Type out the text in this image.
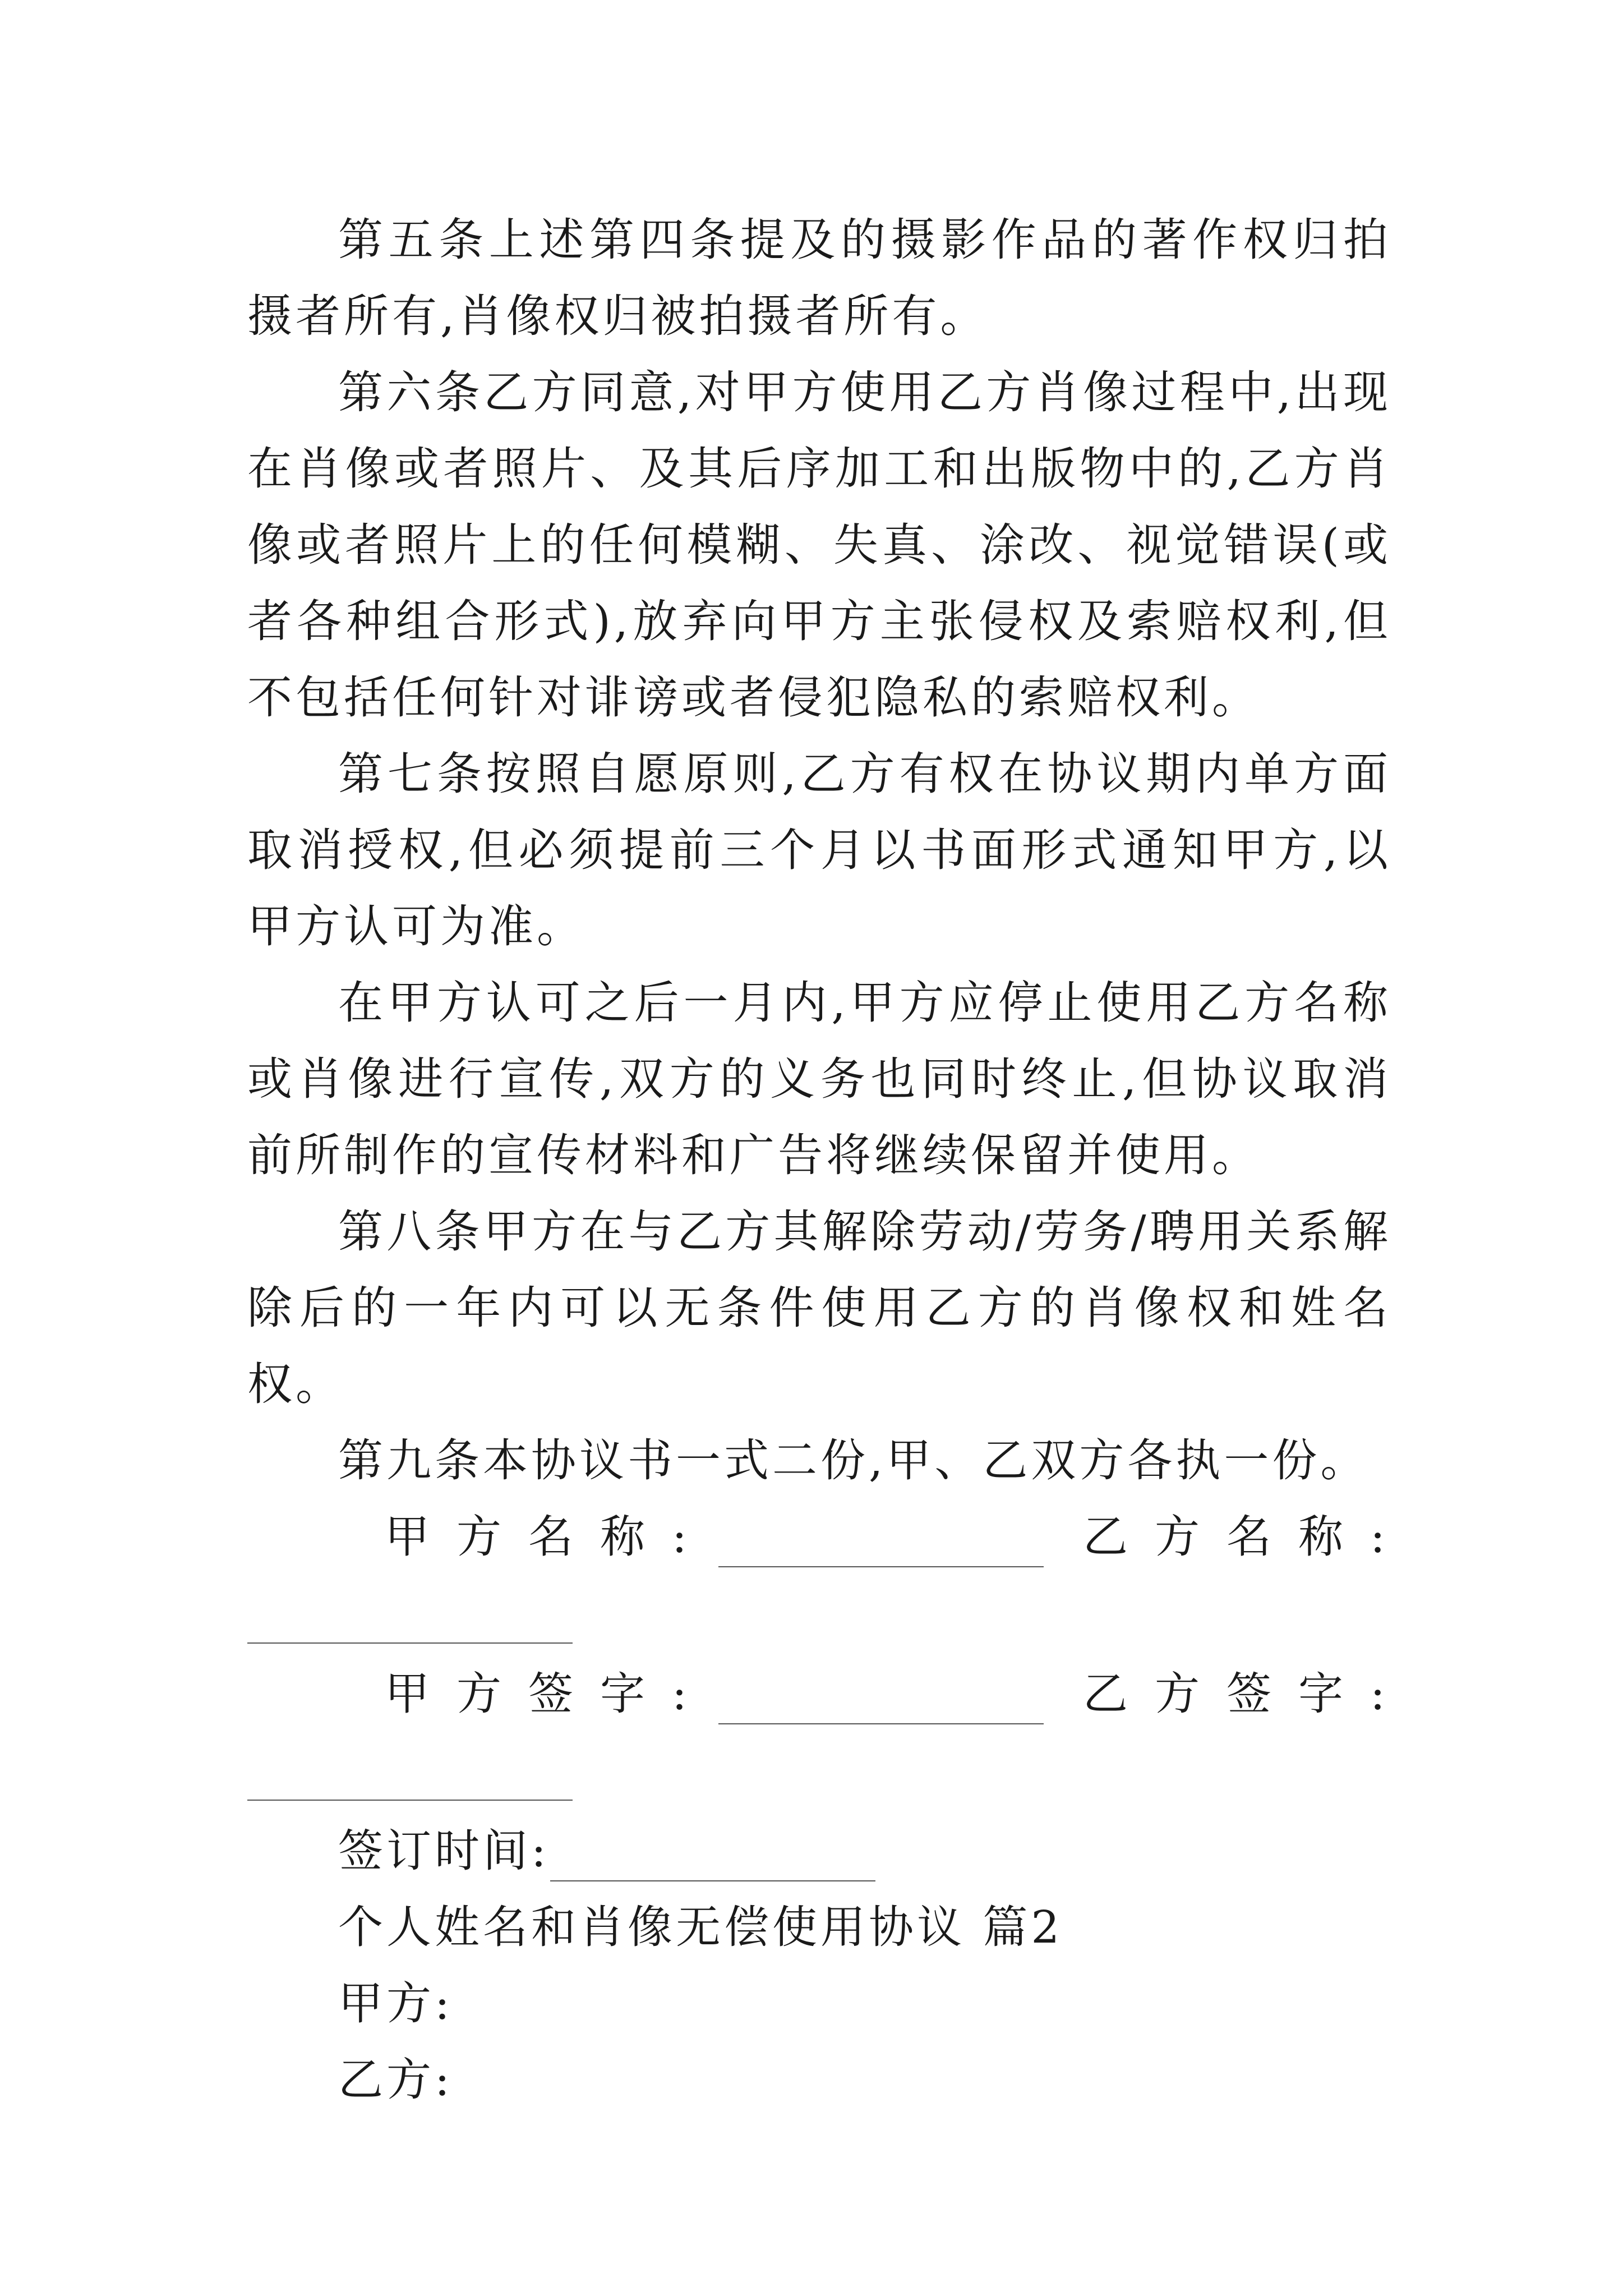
第五条上述第四条提及的摄影作品的著作权归拍摄者所有,肖像权归被拍摄者所有。

第六条乙方同意,对甲方使用乙方肖像过程中,出现在肖像或者照片、及其后序加工和出版物中的,乙方肖像或者照片上的任何模糊、失真、涂改、视觉错误(或者各种组合形式),放弃向甲方主张侵权及索赔权利,但不包括任何针对诽谤或者侵犯隐私的索赔权利。

第七条按照自愿原则,乙方有权在协议期内单方面取消授权,但必须提前三个月以书面形式通知甲方,以甲方认可为准。

在甲方认可之后一月内,甲方应停止使用乙方名称或肖像进行宣传,双方的义务也同时终止,但协议取消前所制作的宣传材料和广告将继续保留并使用。

第八条甲方在与乙方其解除劳动/劳务/聘用关系解除后的一年内可以无条件使用乙方的肖像权和姓名权。

第九条本协议书一式二份,甲、乙双方各执一份。

甲方名称:	乙方名称:
甲方签字:	乙方签字:
签订时间:

个人姓名和肖像无偿使用协议 篇2

甲方:

乙方:
